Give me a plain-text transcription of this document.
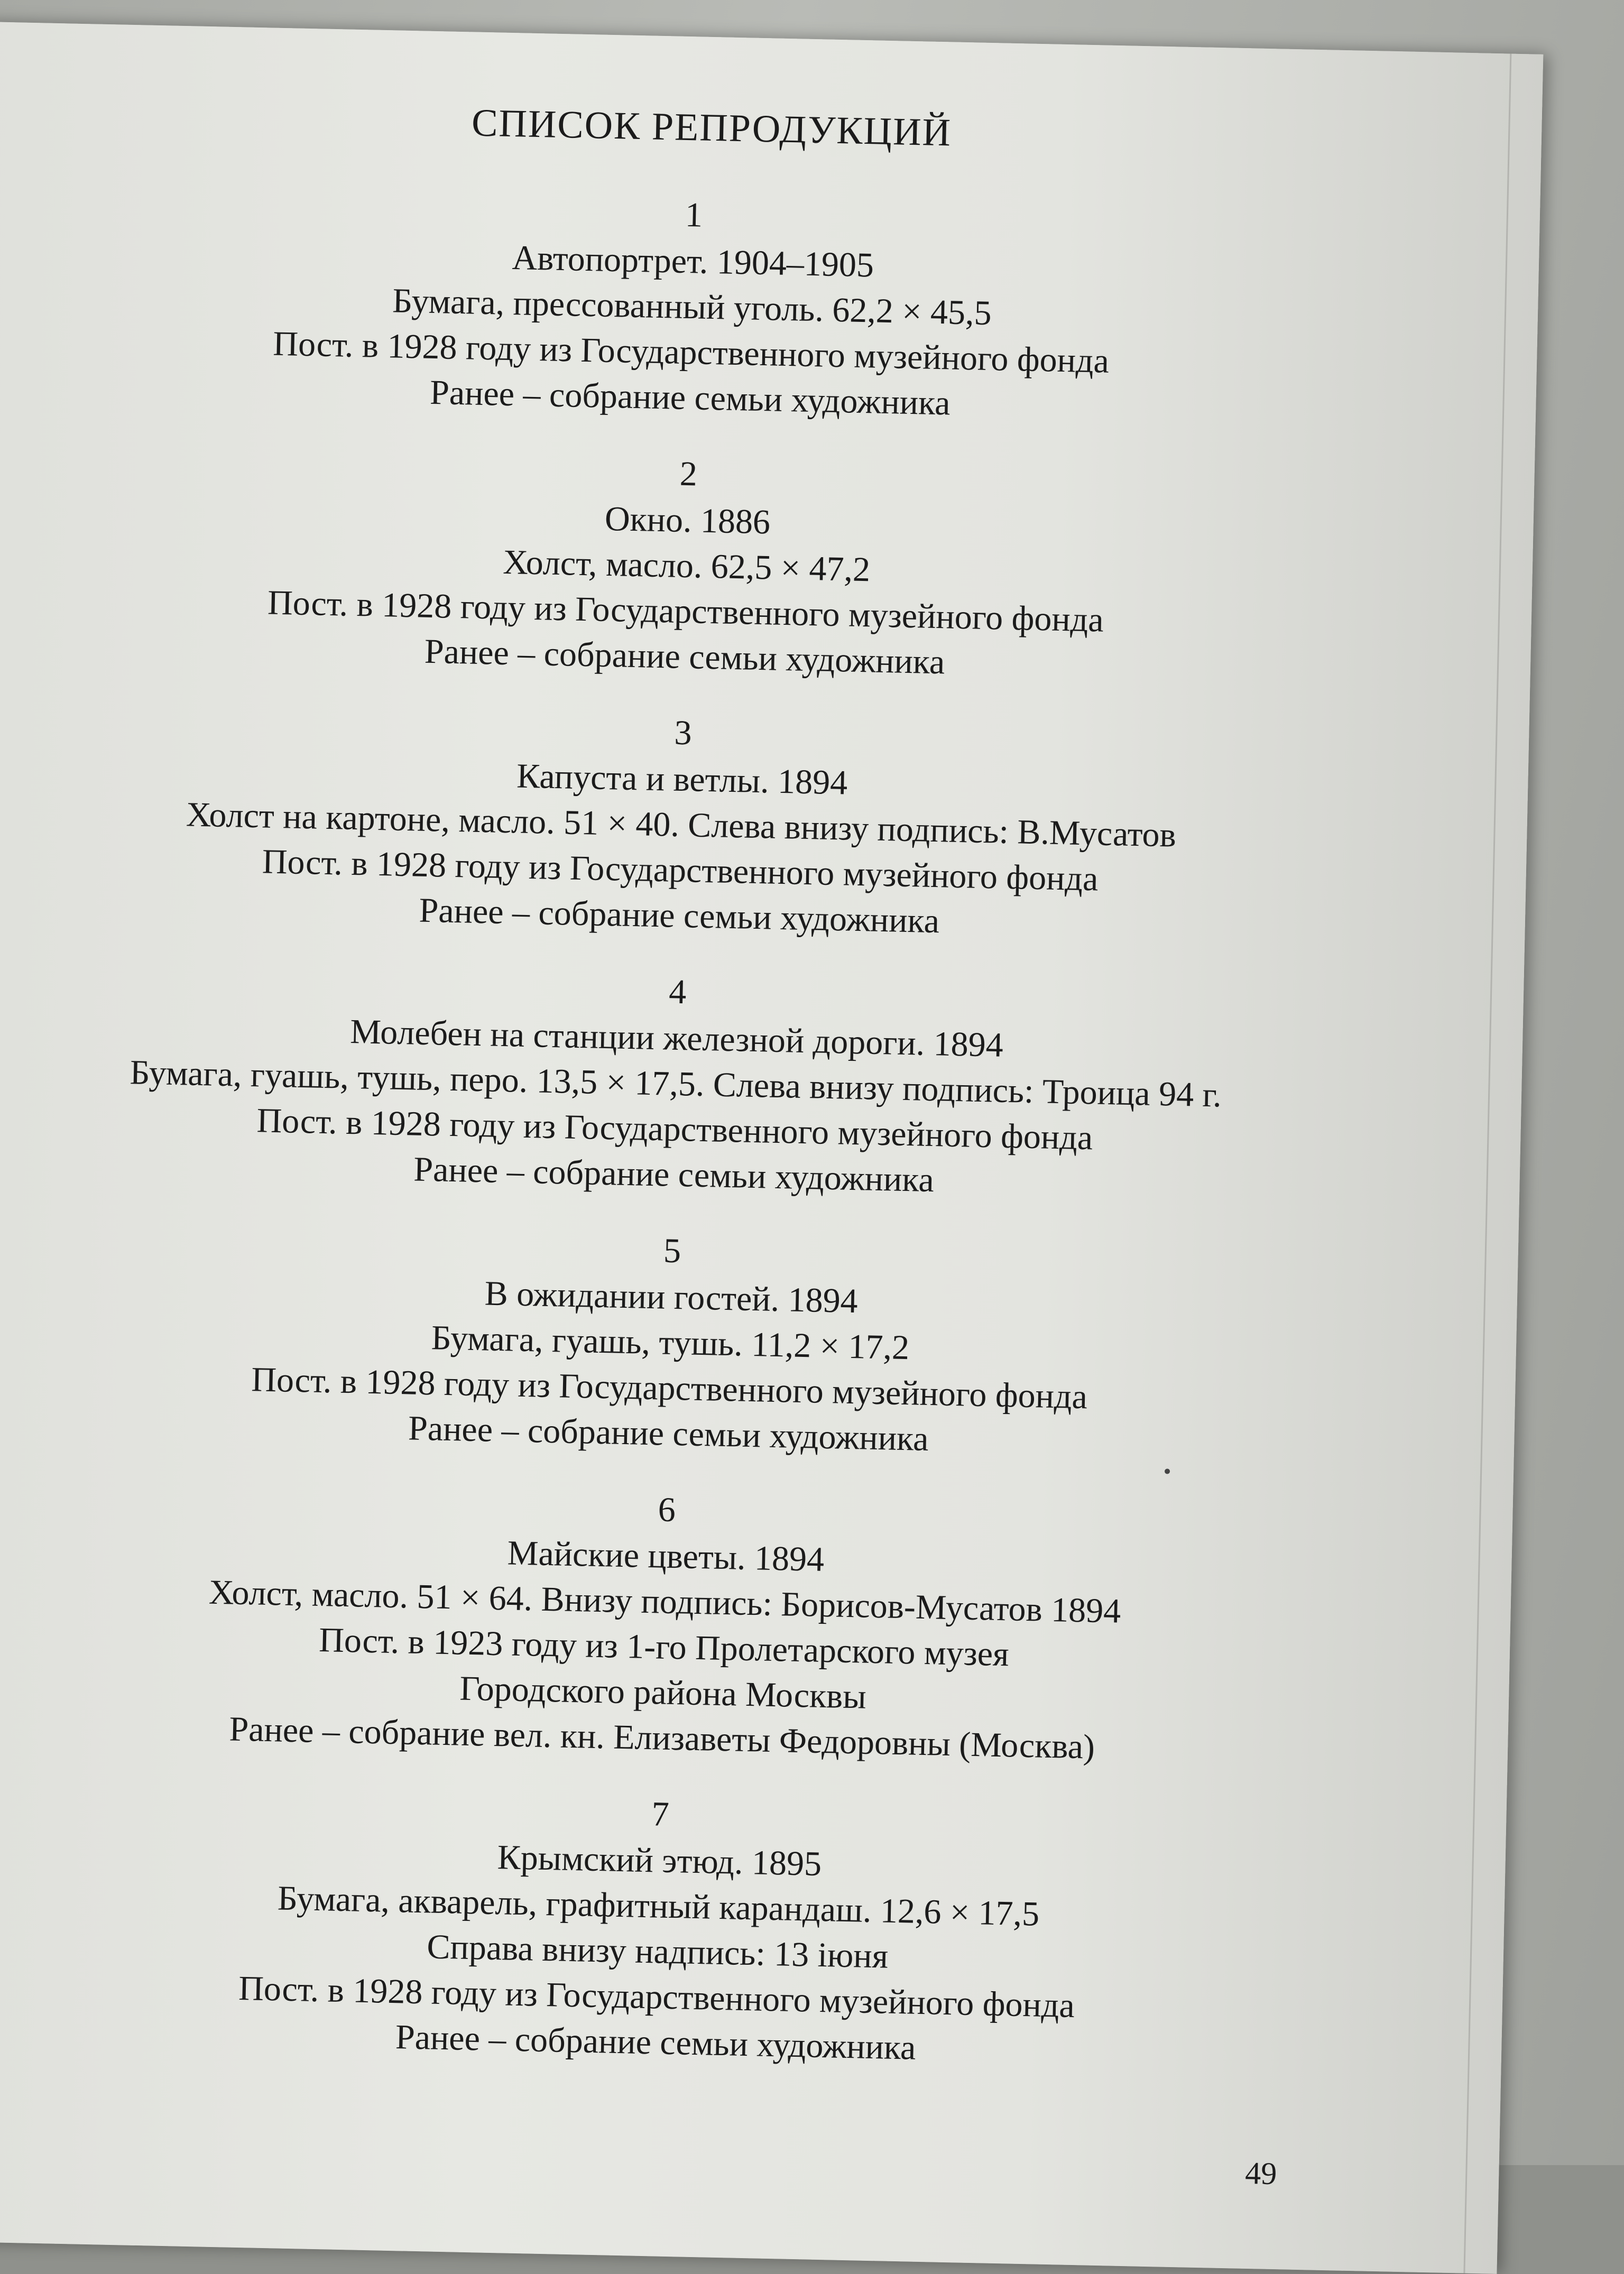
СПИСОК РЕПРОДУКЦИЙ
1
Автопортрет. 1904–1905
Бумага, прессованный уголь. 62,2 × 45,5
Пост. в 1928 году из Государственного музейного фонда
Ранее – собрание семьи художника
2
Окно. 1886
Холст, масло. 62,5 × 47,2
Пост. в 1928 году из Государственного музейного фонда
Ранее – собрание семьи художника
3
Капуста и ветлы. 1894
Холст на картоне, масло. 51 × 40. Слева внизу подпись: В.Мусатов
Пост. в 1928 году из Государственного музейного фонда
Ранее – собрание семьи художника
4
Молебен на станции железной дороги. 1894
Бумага, гуашь, тушь, перо. 13,5 × 17,5. Слева внизу подпись: Троица 94 г.
Пост. в 1928 году из Государственного музейного фонда
Ранее – собрание семьи художника
5
В ожидании гостей. 1894
Бумага, гуашь, тушь. 11,2 × 17,2
Пост. в 1928 году из Государственного музейного фонда
Ранее – собрание семьи художника
6
Майские цветы. 1894
Холст, масло. 51 × 64. Внизу подпись: Борисов-Мусатов 1894
Пост. в 1923 году из 1-го Пролетарского музея
Городского района Москвы
Ранее – собрание вел. кн. Елизаветы Федоровны (Москва)
7
Крымский этюд. 1895
Бумага, акварель, графитный карандаш. 12,6 × 17,5
Справа внизу надпись: 13 іюня
Пост. в 1928 году из Государственного музейного фонда
Ранее – собрание семьи художника
49
